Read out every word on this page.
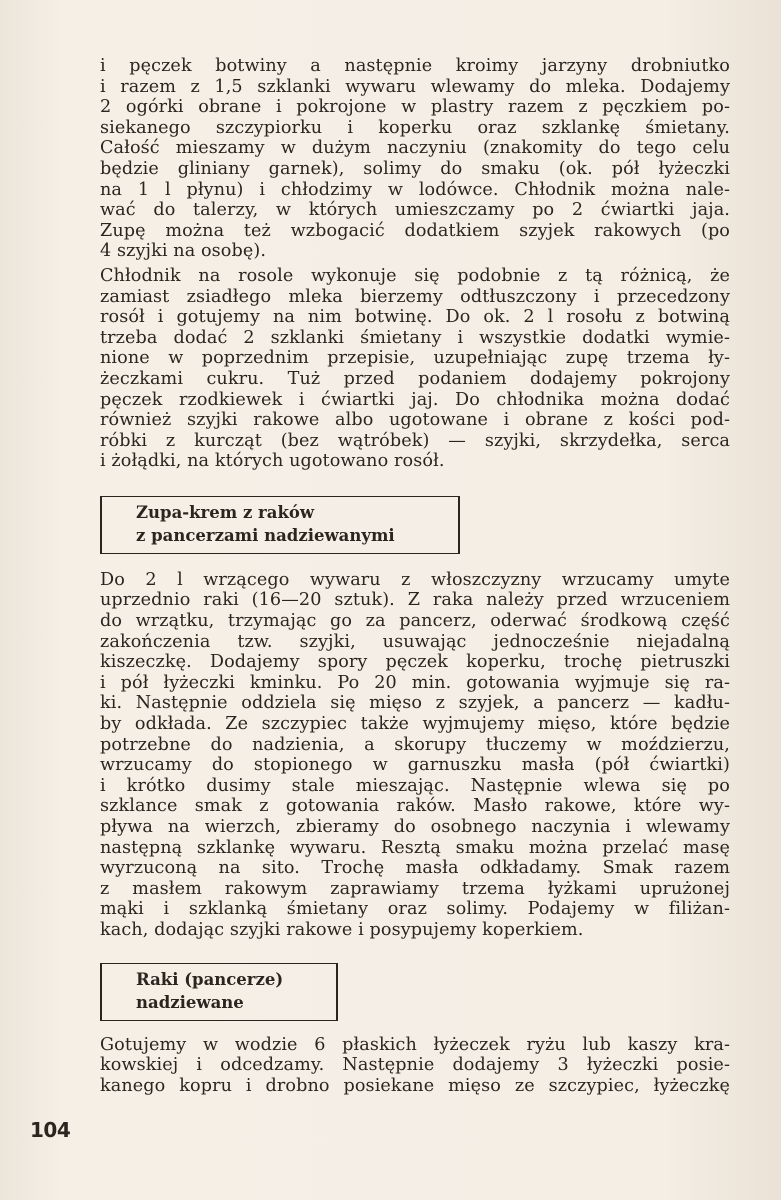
i pęczek botwiny a następnie kroimy jarzyny drobniutko
i razem z 1,5 szklanki wywaru wlewamy do mleka. Dodajemy
2 ogórki obrane i pokrojone w plastry razem z pęczkiem po-
siekanego szczypiorku i koperku oraz szklankę śmietany.
Całość mieszamy w dużym naczyniu (znakomity do tego celu
będzie gliniany garnek), solimy do smaku (ok. pół łyżeczki
na 1 l płynu) i chłodzimy w lodówce. Chłodnik można nale-
wać do talerzy, w których umieszczamy po 2 ćwiartki jaja.
Zupę można też wzbogacić dodatkiem szyjek rakowych (po
4 szyjki na osobę).

Chłodnik na rosole wykonuje się podobnie z tą różnicą, że
zamiast zsiadłego mleka bierzemy odtłuszczony i przecedzony
rosół i gotujemy na nim botwinę. Do ok. 2 l rosołu z botwiną
trzeba dodać 2 szklanki śmietany i wszystkie dodatki wymie-
nione w poprzednim przepisie, uzupełniając zupę trzema ły-
żeczkami cukru. Tuż przed podaniem dodajemy pokrojony
pęczek rzodkiewek i ćwiartki jaj. Do chłodnika można dodać
również szyjki rakowe albo ugotowane i obrane z kości pod-
róbki z kurcząt (bez wątróbek) — szyjki, skrzydełka, serca
i żołądki, na których ugotowano rosół.

Zupa-krem z raków
z pancerzami nadziewanymi

Do 2 l wrzącego wywaru z włoszczyzny wrzucamy umyte
uprzednio raki (16—20 sztuk). Z raka należy przed wrzuceniem
do wrzątku, trzymając go za pancerz, oderwać środkową część
zakończenia tzw. szyjki, usuwając jednocześnie niejadalną
kiszeczkę. Dodajemy spory pęczek koperku, trochę pietruszki
i pół łyżeczki kminku. Po 20 min. gotowania wyjmuje się ra-
ki. Następnie oddziela się mięso z szyjek, a pancerz — kadłu-
by odkłada. Ze szczypiec także wyjmujemy mięso, które będzie
potrzebne do nadzienia, a skorupy tłuczemy w moździerzu,
wrzucamy do stopionego w garnuszku masła (pół ćwiartki)
i krótko dusimy stale mieszając. Następnie wlewa się po
szklance smak z gotowania raków. Masło rakowe, które wy-
pływa na wierzch, zbieramy do osobnego naczynia i wlewamy
następną szklankę wywaru. Resztą smaku można przelać masę
wyrzuconą na sito. Trochę masła odkładamy. Smak razem
z masłem rakowym zaprawiamy trzema łyżkami uprużonej
mąki i szklanką śmietany oraz solimy. Podajemy w filiżan-
kach, dodając szyjki rakowe i posypujemy koperkiem.

Raki (pancerze)
nadziewane

Gotujemy w wodzie 6 płaskich łyżeczek ryżu lub kaszy kra-
kowskiej i odcedzamy. Następnie dodajemy 3 łyżeczki posie-
kanego kopru i drobno posiekane mięso ze szczypiec, łyżeczkę

104
